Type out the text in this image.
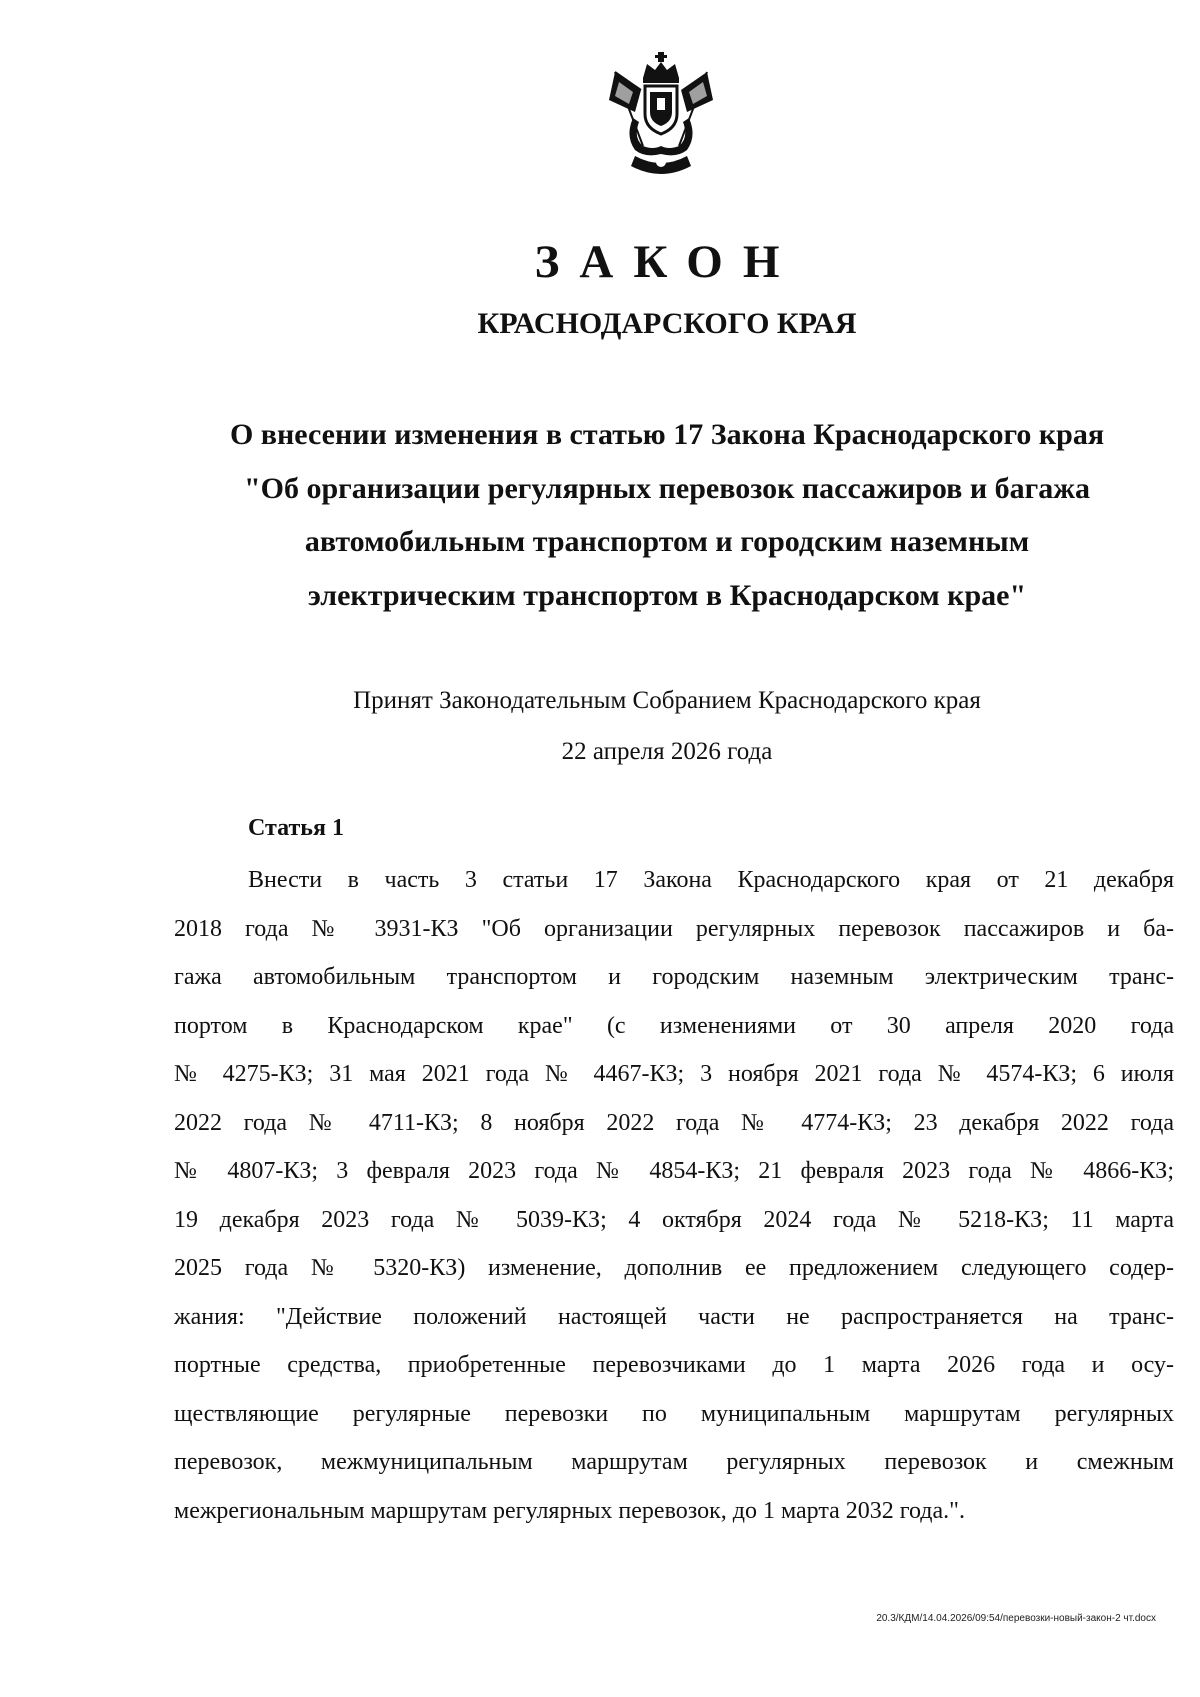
ЗАКОН
КРАСНОДАРСКОГО КРАЯ
О внесении изменения в статью 17 Закона Краснодарского края
"Об организации регулярных перевозок пассажиров и багажа
автомобильным транспортом и городским наземным
электрическим транспортом в Краснодарском крае"
Принят Законодательным Собранием Краснодарского края
22 апреля 2026 года
Статья 1
Внести в часть 3 статьи 17 Закона Краснодарского края от 21 декабря
2018 года № 3931-КЗ "Об организации регулярных перевозок пассажиров и ба-
гажа автомобильным транспортом и городским наземным электрическим транс-
портом в Краснодарском крае" (с изменениями от 30 апреля 2020 года
№ 4275-КЗ; 31 мая 2021 года № 4467-КЗ; 3 ноября 2021 года № 4574-КЗ; 6 июля
2022 года № 4711-КЗ; 8 ноября 2022 года № 4774-КЗ; 23 декабря 2022 года
№ 4807-КЗ; 3 февраля 2023 года № 4854-КЗ; 21 февраля 2023 года № 4866-КЗ;
19 декабря 2023 года № 5039-КЗ; 4 октября 2024 года № 5218-КЗ; 11 марта
2025 года № 5320-КЗ) изменение, дополнив ее предложением следующего содер-
жания: "Действие положений настоящей части не распространяется на транс-
портные средства, приобретенные перевозчиками до 1 марта 2026 года и осу-
ществляющие регулярные перевозки по муниципальным маршрутам регулярных
перевозок, межмуниципальным маршрутам регулярных перевозок и смежным
межрегиональным маршрутам регулярных перевозок, до 1 марта 2032 года.".
20.3/КДМ/14.04.2026/09:54/перевозки-новый-закон-2 чт.docx
